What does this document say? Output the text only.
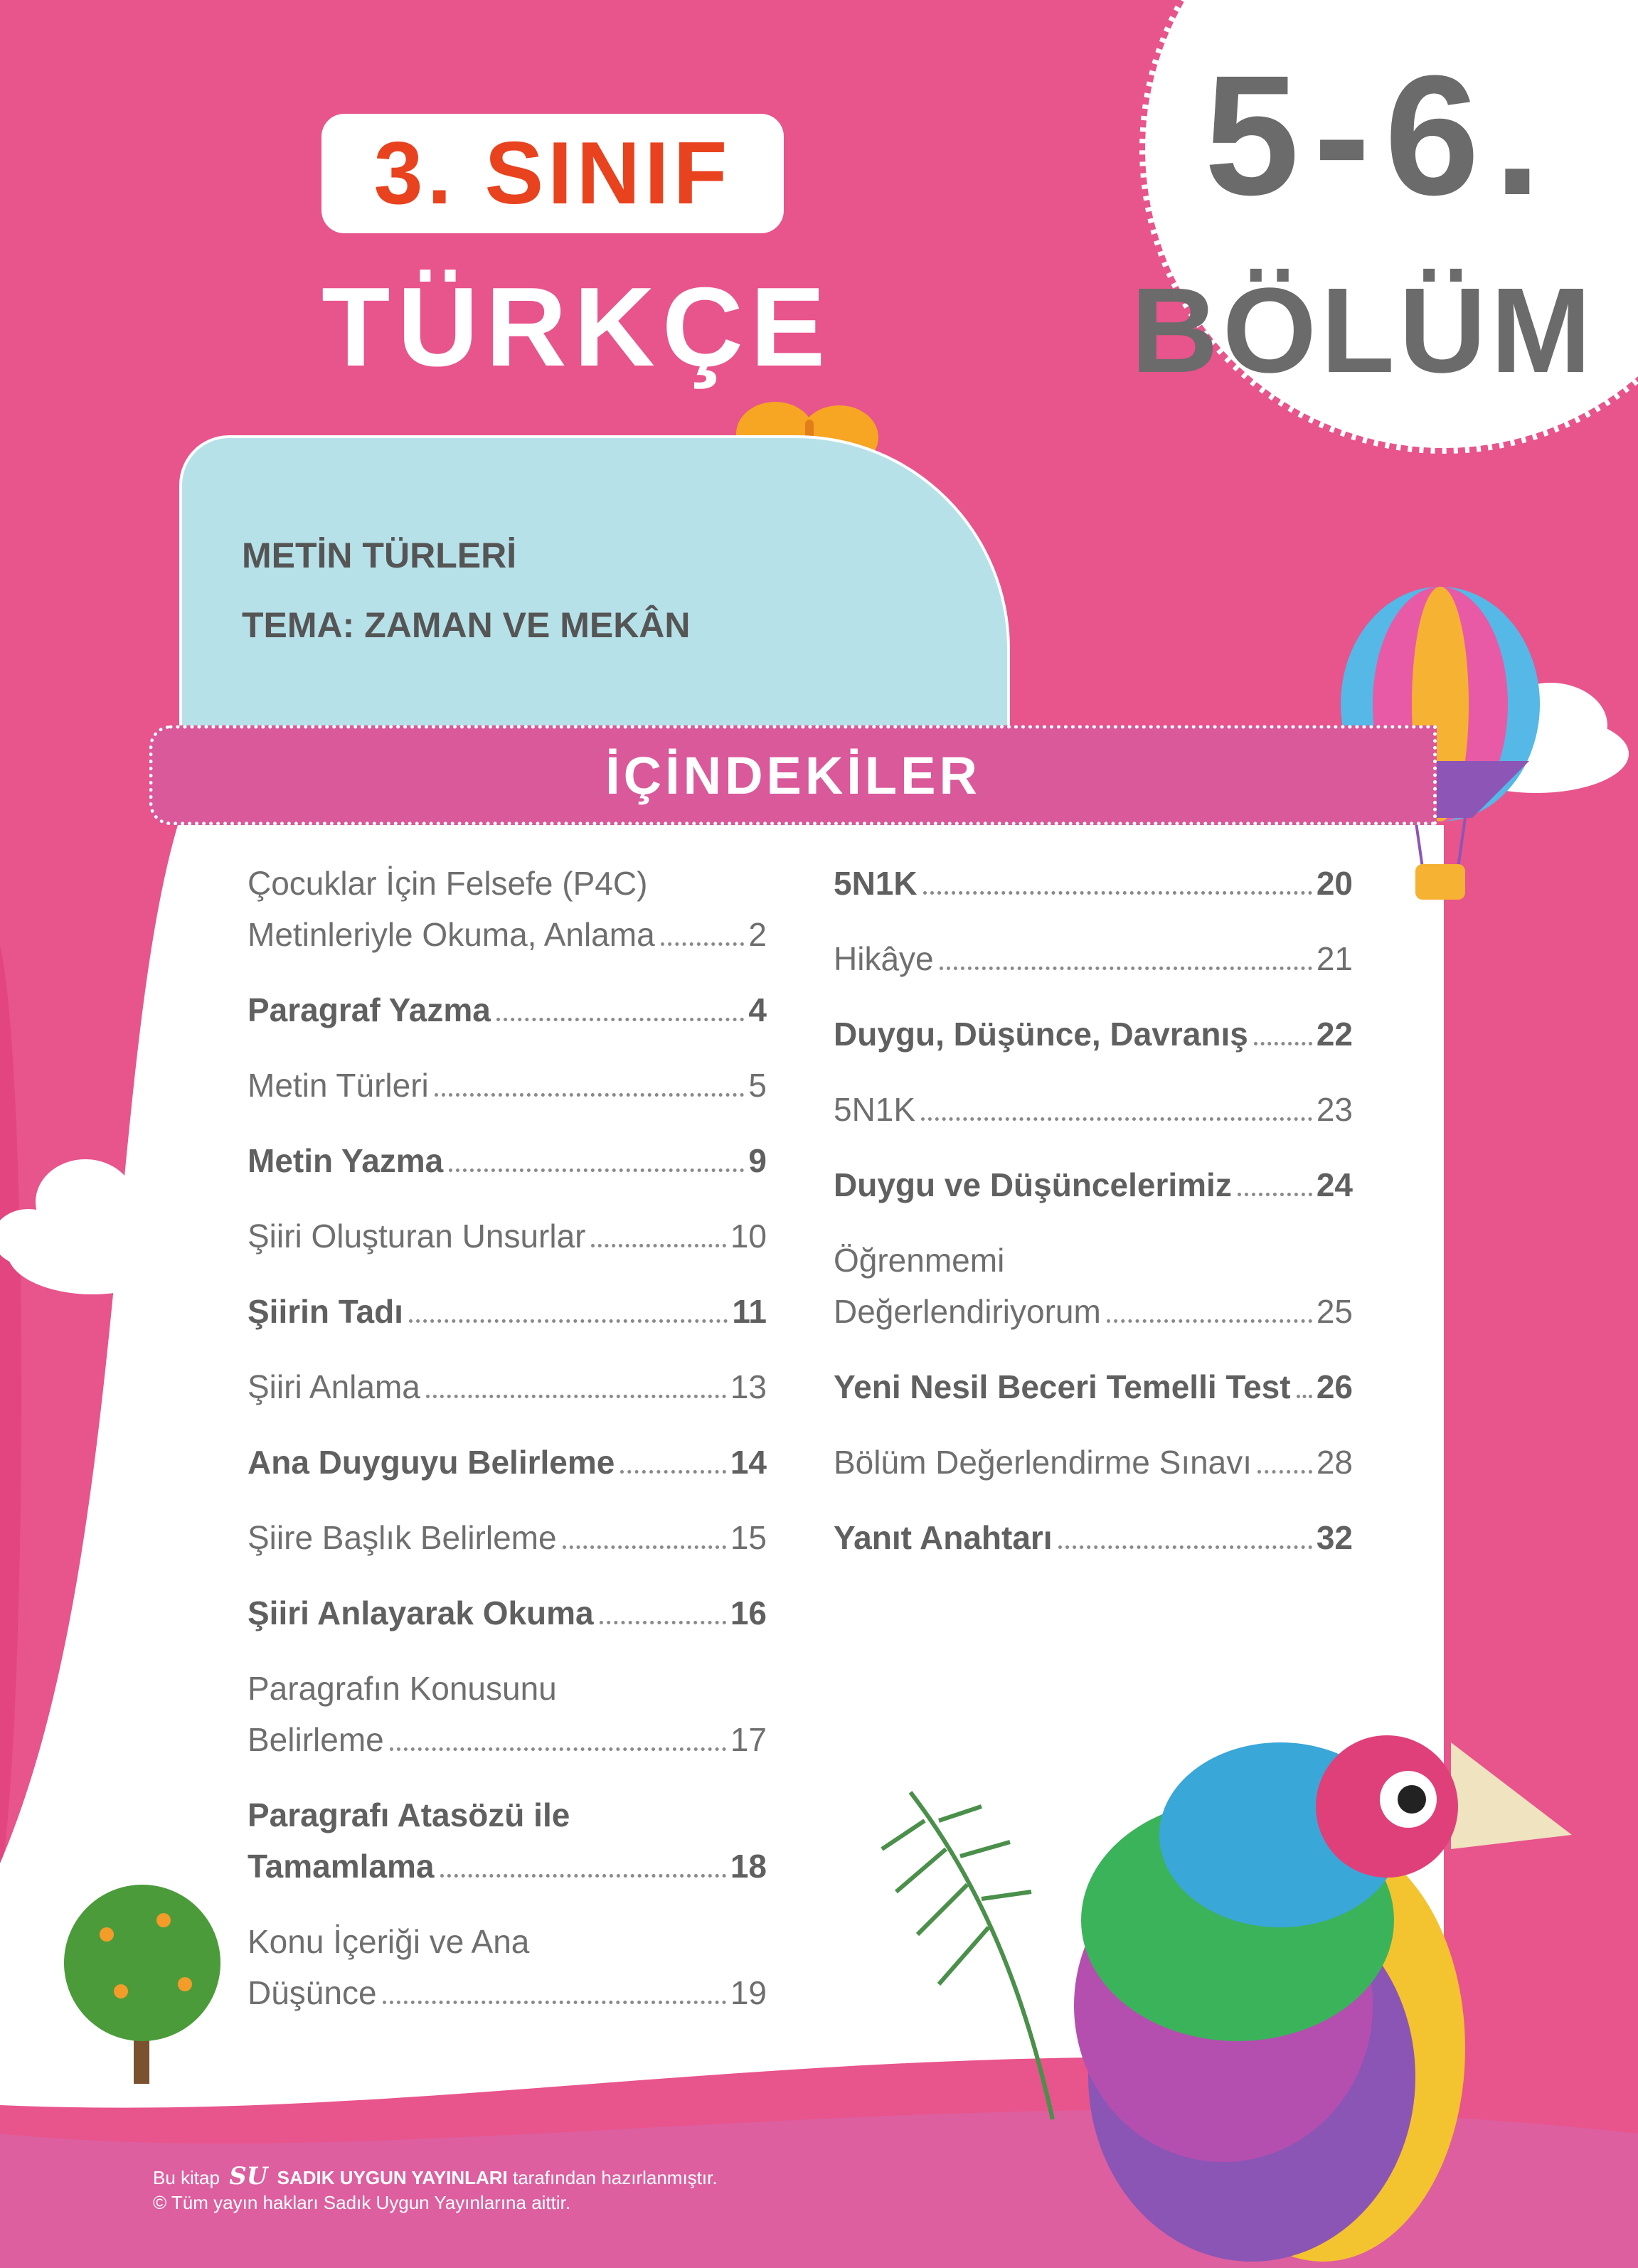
5-6.
BÖLÜM
3. SINIF
TÜRKÇE
METİN TÜRLERİ
TEMA: ZAMAN VE MEKÂN
İÇİNDEKİLER
Çocuklar İçin Felsefe (P4C)
Metinleriyle Okuma, Anlama	2
Paragraf Yazma	4
Metin Türleri	5
Metin Yazma	9
Şiiri Oluşturan Unsurlar	10
Şiirin Tadı	11
Şiiri Anlama	13
Ana Duyguyu Belirleme	14
Şiire Başlık Belirleme	15
Şiiri Anlayarak Okuma	16
Paragrafın Konusunu
Belirleme	17
Paragrafı Atasözü ile
Tamamlama	18
Konu İçeriği ve Ana
Düşünce	19
5N1K	20
Hikâye	21
Duygu, Düşünce, Davranış 22
5N1K	23
Duygu ve Düşüncelerimiz	24
Öğrenmemi
Değerlendiriyorum	25
Yeni Nesil Beceri Temelli Test 26
Bölüm Değerlendirme Sınavı 28
Yanıt Anahtarı	32
Bu kitap SU SADIK UYGUN YAYINLARI tarafından hazırlanmıştır.
© Tüm yayın hakları Sadık Uygun Yayınlarına aittir.
